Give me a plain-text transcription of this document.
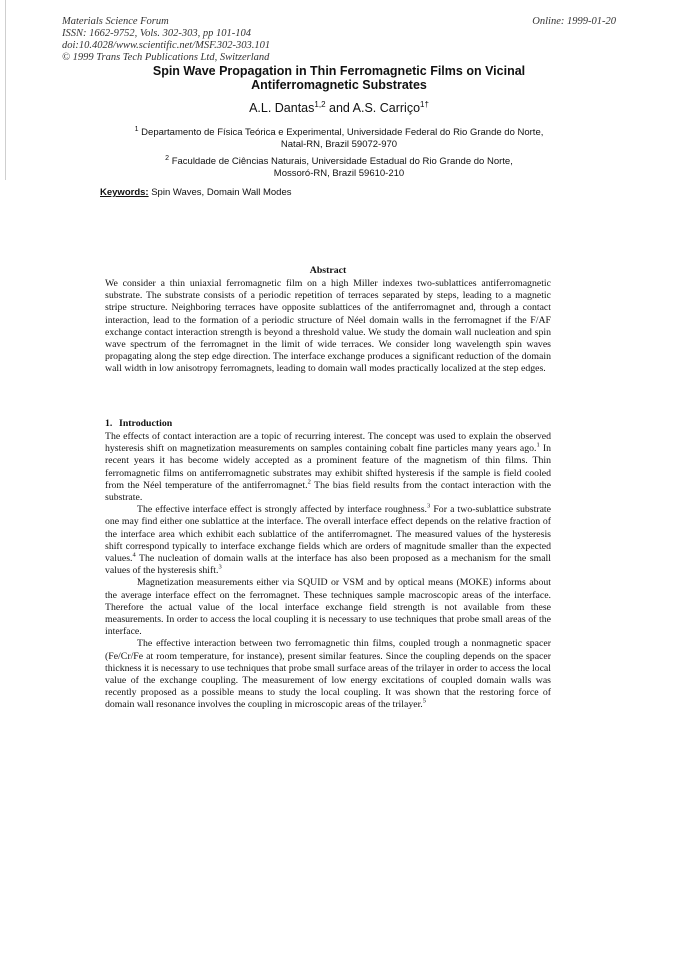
Materials Science Forum
ISSN: 1662-9752, Vols. 302-303, pp 101-104
doi:10.4028/www.scientific.net/MSF.302-303.101
© 1999 Trans Tech Publications Ltd, Switzerland
Online: 1999-01-20
Spin Wave Propagation in Thin Ferromagnetic Films on Vicinal
Antiferromagnetic Substrates
A.L. Dantas$^{1,2}$ and A.S. Carriço$^{1\dagger}$
$^1$ Departamento de Física Teórica e Experimental, Universidade Federal do Rio Grande do Norte,
Natal-RN, Brazil 59072-970
$^2$ Faculdade de Ciências Naturais, Universidade Estadual do Rio Grande do Norte,
Mossoró-RN, Brazil 59610-210
Keywords: Spin Waves, Domain Wall Modes
Abstract
We consider a thin uniaxial ferromagnetic film on a high Miller indexes two-sublattices antiferromagnetic substrate. The substrate consists of a periodic repetition of terraces separated by steps, leading to a magnetic stripe structure. Neighboring terraces have opposite sublattices of the antiferromagnet and, through a contact interaction, lead to the formation of a periodic structure of Néel domain walls in the ferromagnet if the F/AF exchange contact interaction strength is beyond a threshold value. We study the domain wall nucleation and spin wave spectrum of the ferromagnet in the limit of wide terraces. We consider long wavelength spin waves propagating along the step edge direction. The interface exchange produces a significant reduction of the domain wall width in low anisotropy ferromagnets, leading to domain wall modes practically localized at the step edges.
1. Introduction

The effects of contact interaction are a topic of recurring interest. The concept was used to explain the observed hysteresis shift on magnetization measurements on samples containing cobalt fine particles many years ago.$^1$ In recent years it has become widely accepted as a prominent feature of the magnetism of thin films. Thin ferromagnetic films on antiferromagnetic substrates may exhibit shifted hysteresis if the sample is field cooled from the Néel temperature of the antiferromagnet.$^2$ The bias field results from the contact interaction with the substrate.

The effective interface effect is strongly affected by interface roughness.$^3$ For a two-sublattice substrate one may find either one sublattice at the interface. The overall interface effect depends on the relative fraction of the interface area which exhibit each sublattice of the antiferromagnet. The measured values of the hysteresis shift correspond typically to interface exchange fields which are orders of magnitude smaller than the expected values.$^4$ The nucleation of domain walls at the interface has also been proposed as a mechanism for the small values of the hysteresis shift.$^3$

Magnetization measurements either via SQUID or VSM and by optical means (MOKE) informs about the average interface effect on the ferromagnet. These techniques sample macroscopic areas of the interface. Therefore the actual value of the local interface exchange field strength is not available from these measurements. In order to access the local coupling it is necessary to use techniques that probe small areas of the interface.

The effective interaction between two ferromagnetic thin films, coupled trough a nonmagnetic spacer (Fe/Cr/Fe at room temperature, for instance), present similar features. Since the coupling depends on the spacer thickness it is necessary to use techniques that probe small surface areas of the trilayer in order to access the local value of the exchange coupling. The measurement of low energy excitations of coupled domain walls was recently proposed as a possible means to study the local coupling. It was shown that the restoring force of domain wall resonance involves the coupling in microscopic areas of the trilayer.$^5$
